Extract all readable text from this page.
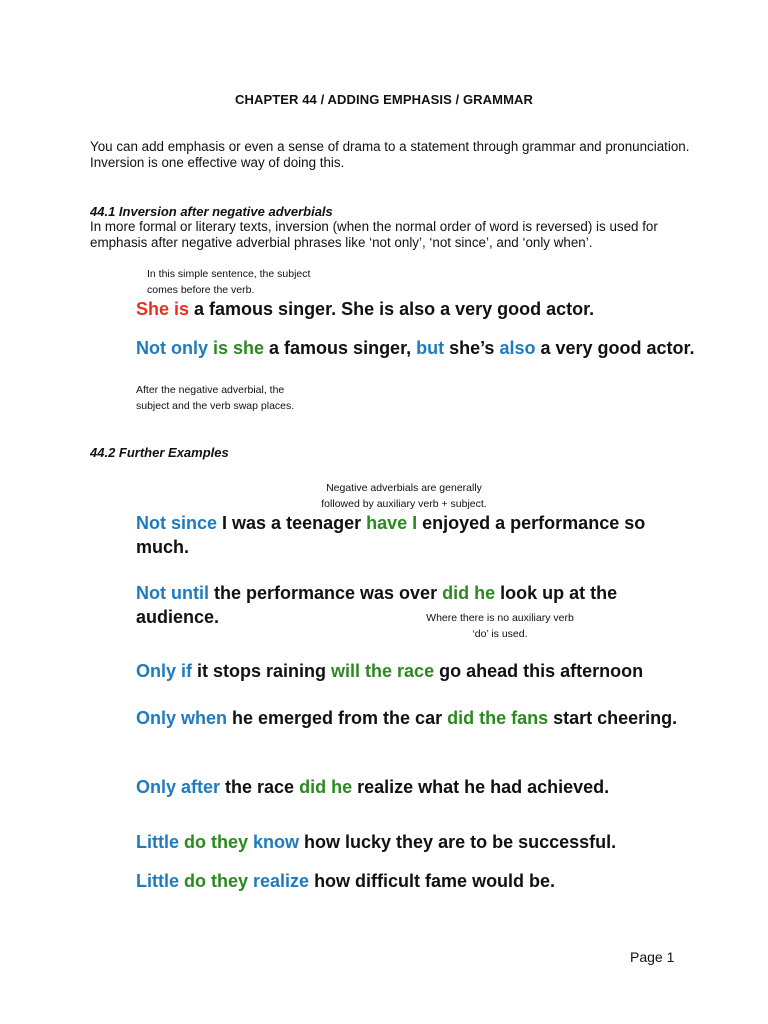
CHAPTER 44 / ADDING EMPHASIS / GRAMMAR
You can add emphasis or even a sense of drama to a statement through grammar and pronunciation. Inversion is one effective way of doing this.
44.1 Inversion after negative adverbials
In more formal or literary texts, inversion (when the normal order of word is reversed) is used for emphasis after negative adverbial phrases like ‘not only’, ‘not since’, and ‘only when’.
In this simple sentence, the subject
comes before the verb.
She is a famous singer. She is also a very good actor.
Not only is she a famous singer, but she’s also a very good actor.
After the negative adverbial, the
subject and the verb swap places.
44.2 Further Examples
Negative adverbials are generally
followed by auxiliary verb + subject.
Not since I was a teenager have I enjoyed a performance so much.
Not until the performance was over did he look up at the audience.	Where there is no auxiliary verb
‘do’ is used.
Only if it stops raining will the race go ahead this afternoon
Only when he emerged from the car did the fans start cheering.
Only after the race did he realize what he had achieved.
Little do they know how lucky they are to be successful.
Little do they realize how difficult fame would be.
Page 1
